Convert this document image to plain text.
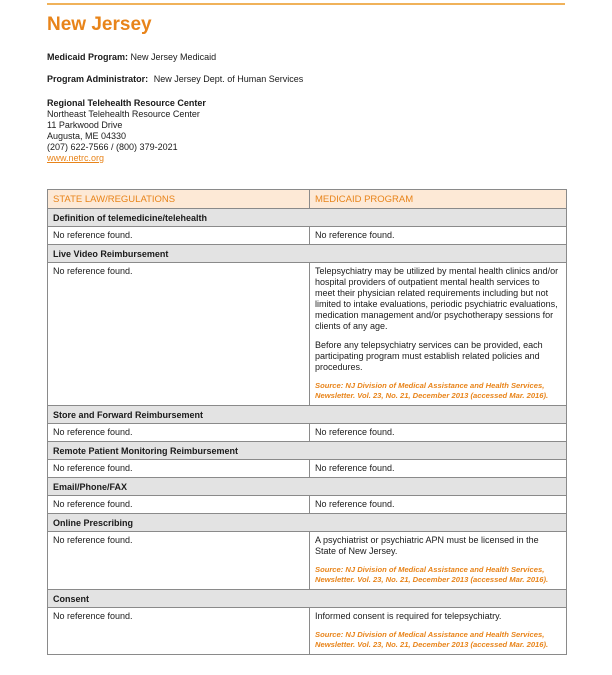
New Jersey
Medicaid Program: New Jersey Medicaid
Program Administrator: New Jersey Dept. of Human Services
Regional Telehealth Resource Center
Northeast Telehealth Resource Center
11 Parkwood Drive
Augusta, ME 04330
(207) 622-7566 / (800) 379-2021
www.netrc.org
STATE LAW/REGULATIONS	MEDICAID PROGRAM
Definition of telemedicine/telehealth	
No reference found.	No reference found.
Live Video Reimbursement	
No reference found.	Telepsychiatry may be utilized by mental health clinics and/or hospital providers of outpatient mental health services to meet their physician related requirements including but not limited to intake evaluations, periodic psychiatric evaluations, medication management and/or psychotherapy sessions for clients of any age.

Before any telepsychiatry services can be provided, each participating program must establish related policies and procedures.

Source: NJ Division of Medical Assistance and Health Services, Newsletter. Vol. 23, No. 21, December 2013 (accessed Mar. 2016).

Store and Forward Reimbursement	
No reference found.	No reference found.
Remote Patient Monitoring Reimbursement	
No reference found.	No reference found.
Email/Phone/FAX	
No reference found.	No reference found.
Online Prescribing	
No reference found.	A psychiatrist or psychiatric APN must be licensed in the State of New Jersey.

Source: NJ Division of Medical Assistance and Health Services, Newsletter. Vol. 23, No. 21, December 2013 (accessed Mar. 2016).

Consent	
No reference found.	Informed consent is required for telepsychiatry.

Source: NJ Division of Medical Assistance and Health Services, Newsletter. Vol. 23, No. 21, December 2013 (accessed Mar. 2016).
